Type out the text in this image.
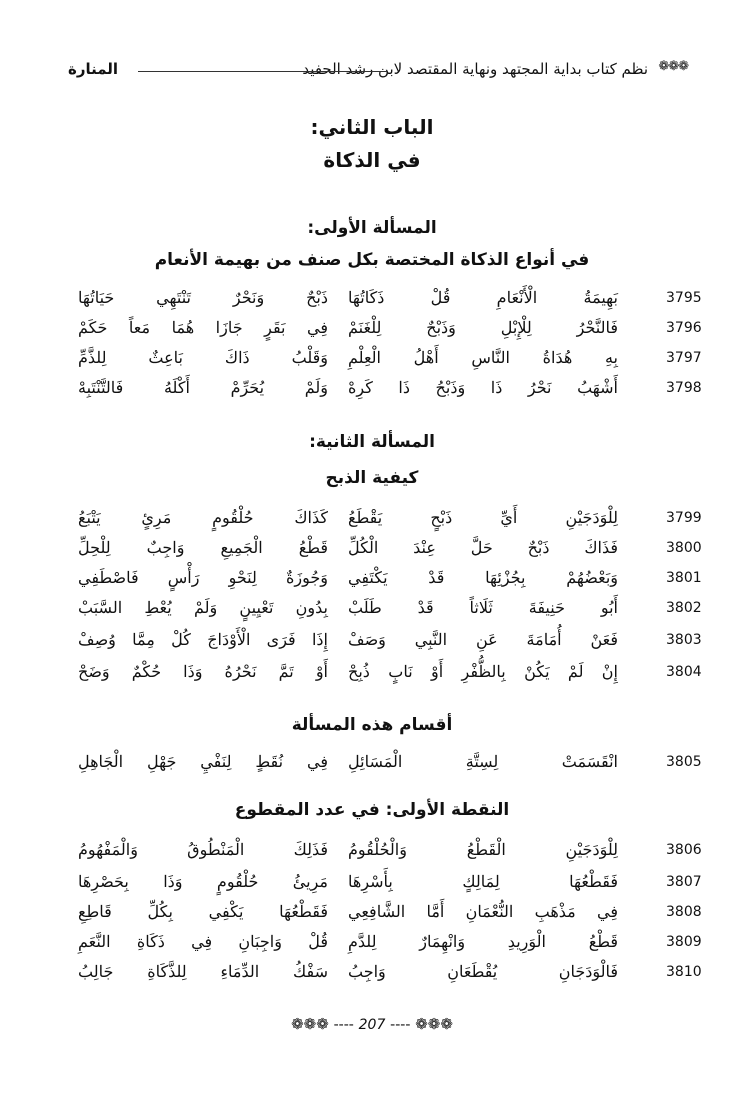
❁❁❁
نظم كتاب بداية المجتهد ونهاية المقتصد لابن رشد الحفيد
المنارة
الباب الثاني:
في الذكاة
المسألة الأولى:
في أنواع الذكاة المختصة بكل صنف من بهيمة الأنعام
3795
بَهِيمَةُ الْأَنْعَامِ قُلْ ذَكَاتُهَا
ذَبْحٌ وَنَحْرٌ تَنْتَهِي حَيَاتُهَا
3796
فَالنَّحْرُ لِلْإِبْلِ وَذَبْحٌ لِلْغَنَمْ
فِي بَقَرٍ جَازَا هُمَا مَعاً حَكَمْ
3797
بِهِ هُدَاةُ النَّاسِ أَهْلُ الْعِلْمِ
وَقَلْبُ ذَاكَ بَاعِثٌ لِلذَّمِّ
3798
أَشْهَبُ نَحْرُ ذَا وَذَبْحُ ذَا كَرِهْ
وَلَمْ يُحَرِّمْ أَكْلَهُ فَالتَّنْتَبِهْ
المسألة الثانية:
كيفية الذبح
3799
لِلْوَدَجَيْنِ أَيِّ ذَبْحٍ يَقْطَعُ
كَذَاكَ حُلْقُومٍ مَرِئٍ يَتْبَعُ
3800
فَذَاكَ ذَبْحٌ حَلَّ عِنْدَ الْكُلِّ
قَطْعُ الْجَمِيعِ وَاجِبٌ لِلْحِلِّ
3801
وَبَعْضُهُمْ بِجُزْئِهَا قَدْ يَكْتَفِي
وَجُوزَةٌ لِنَحْوِ رَأْسٍ فَاصْطَفِي
3802
أَبُو حَنِيفَةَ ثَلَاثاً قَدْ طَلَبْ
بِدُونِ تَعْيِينٍ وَلَمْ يُعْطِ السَّبَبْ
3803
فَعَنْ أُمَامَةَ عَنِ النَّبِي وَصَفْ
إِذَا فَرَى الْأَوْدَاجَ كُلْ مِمَّا وُصِفْ
3804
إِنْ لَمْ يَكُنْ بِالظُّفْرِ أَوْ نَابٍ ذُبِحْ
أَوْ تَمَّ نَحْرُهُ وَذَا حُكْمٌ وَضَحْ
أقسام هذه المسألة
3805
انْقَسَمَتْ لِسِتَّةِ الْمَسَائِلِ
فِي نُقَطٍ لِنَفْيِ جَهْلِ الْجَاهِلِ
النقطة الأولى: في عدد المقطوع
3806
لِلْوَدَجَيْنِ الْقَطْعُ وَالْحُلْقُومُ
فَذَلِكَ الْمَنْطُوقُ وَالْمَفْهُومُ
3807
فَقَطْعُهَا لِمَالِكٍ بِأَسْرِهَا
مَرِيئُ حُلْقُومٍ وَذَا بِحَصْرِهَا
3808
فِي مَذْهَبِ النُّعْمَانِ أَمَّا الشَّافِعِي
فَقَطْعُهَا يَكْفِي بِكُلِّ قَاطِعِ
3809
قَطْعُ الْوَرِيدِ وَانْهِمَارٌ لِلدَّمِ
قُلْ وَاجِبَانِ فِي ذَكَاةِ النَّعَمِ
3810
فَالْوَدَجَانِ يُقْطَعَانِ وَاجِبُ
سَفْكُ الدِّمَاءِ لِلذَّكَاةِ جَالِبُ
❁❁❁ ---- 207 ---- ❁❁❁
